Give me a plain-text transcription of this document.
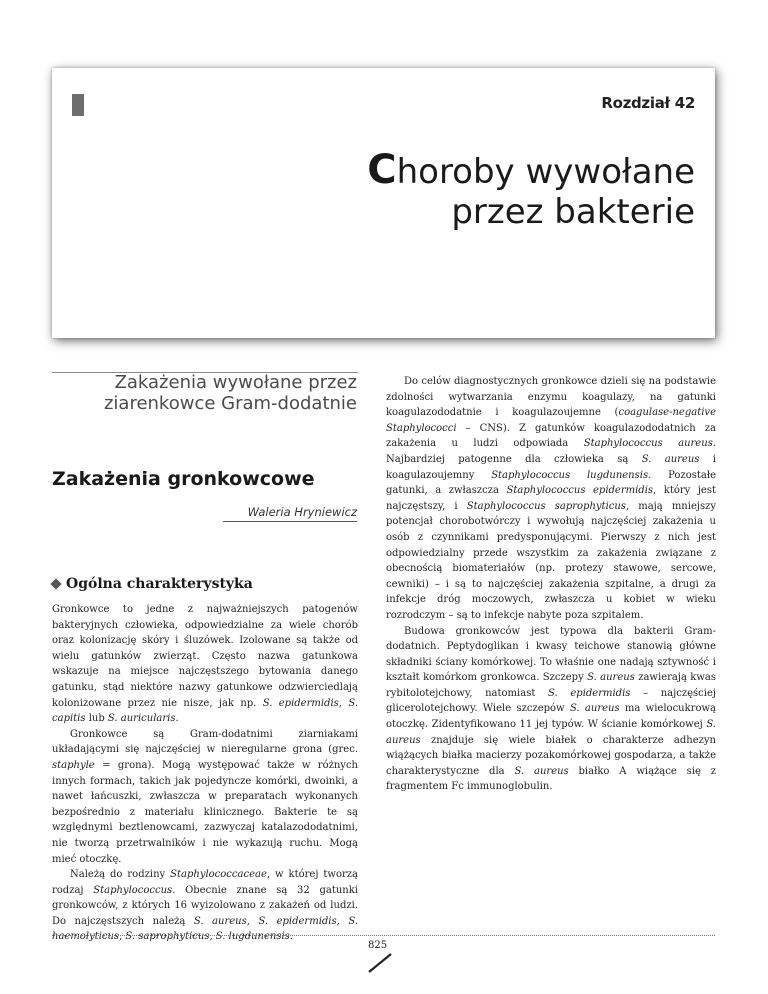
Rozdział 42
Choroby wywołane
przez bakterie
Zakażenia wywołane przez
ziarenkowce Gram-dodatnie
Zakażenia gronkowcowe
Waleria Hryniewicz
Ogólna charakterystyka

Gronkowce to jedne z najważniejszych patogenów bakteryjnych człowieka, odpowiedzialne za wiele chorób oraz kolonizację skóry i śluzówek. Izolowane są także od wielu gatunków zwierząt. Często nazwa gatunkowa wskazuje na miejsce najczęstszego bytowania danego gatunku, stąd niektóre nazwy gatunkowe odzwierciedlają kolonizowane przez nie nisze, jak np. S. epidermidis, S. capitis lub S. auricularis.

Gronkowce są Gram-dodatnimi ziarniakami układającymi się najczęściej w nieregularne grona (grec. staphyle = grona). Mogą występować także w różnych innych formach, takich jak pojedyncze komórki, dwoinki, a nawet łańcuszki, zwłaszcza w preparatach wykonanych bezpośrednio z materiału klinicznego. Bakterie te są względnymi beztlenowcami, zazwyczaj katalazododatnimi, nie tworzą przetrwalników i nie wykazują ruchu. Mogą mieć otoczkę.

Należą do rodziny Staphylococcaceae, w której tworzą rodzaj Staphylococcus. Obecnie znane są 32 gatunki gronkowców, z których 16 wyizolowano z zakażeń od ludzi. Do najczęstszych należą S. aureus, S. epidermidis, S. haemolyticus, S. saprophyticus, S. lugdunensis.

Do celów diagnostycznych gronkowce dzieli się na podstawie zdolności wytwarzania enzymu koagulazy, na gatunki koagulazododatnie i koagulazoujemne (coagulase-negative Staphylococci – CNS). Z gatunków koagulazododatnich za zakażenia u ludzi odpowiada Staphylococcus aureus. Najbardziej patogenne dla człowieka są S. aureus i koagulazoujemny Staphylococcus lugdunensis. Pozostałe gatunki, a zwłaszcza Staphylococcus epidermidis, który jest najczęstszy, i Staphylococcus saprophyticus, mają mniejszy potencjał chorobotwórczy i wywołują najczęściej zakażenia u osób z czynnikami predysponującymi. Pierwszy z nich jest odpowiedzialny przede wszystkim za zakażenia związane z obecnością biomateriałów (np. protezy stawowe, sercowe, cewniki) – i są to najczęściej zakażenia szpitalne, a drugi za infekcje dróg moczowych, zwłaszcza u kobiet w wieku rozrodczym – są to infekcje nabyte poza szpitalem.

Budowa gronkowców jest typowa dla bakterii Gram-dodatnich. Peptydoglikan i kwasy teichowe stanowią główne składniki ściany komórkowej. To właśnie one nadają sztywność i kształt komórkom gronkowca. Szczepy S. aureus zawierają kwas rybitolotejchowy, natomiast S. epidermidis – najczęściej glicerolotejchowy. Wiele szczepów S. aureus ma wielocukrową otoczkę. Zidentyfikowano 11 jej typów. W ścianie komórkowej S. aureus znajduje się wiele białek o charakterze adhezyn wiążących białka macierzy pozakomórkowej gospodarza, a także charakterystyczne dla S. aureus białko A wiążące się z fragmentem Fc immunoglobulin.

825
